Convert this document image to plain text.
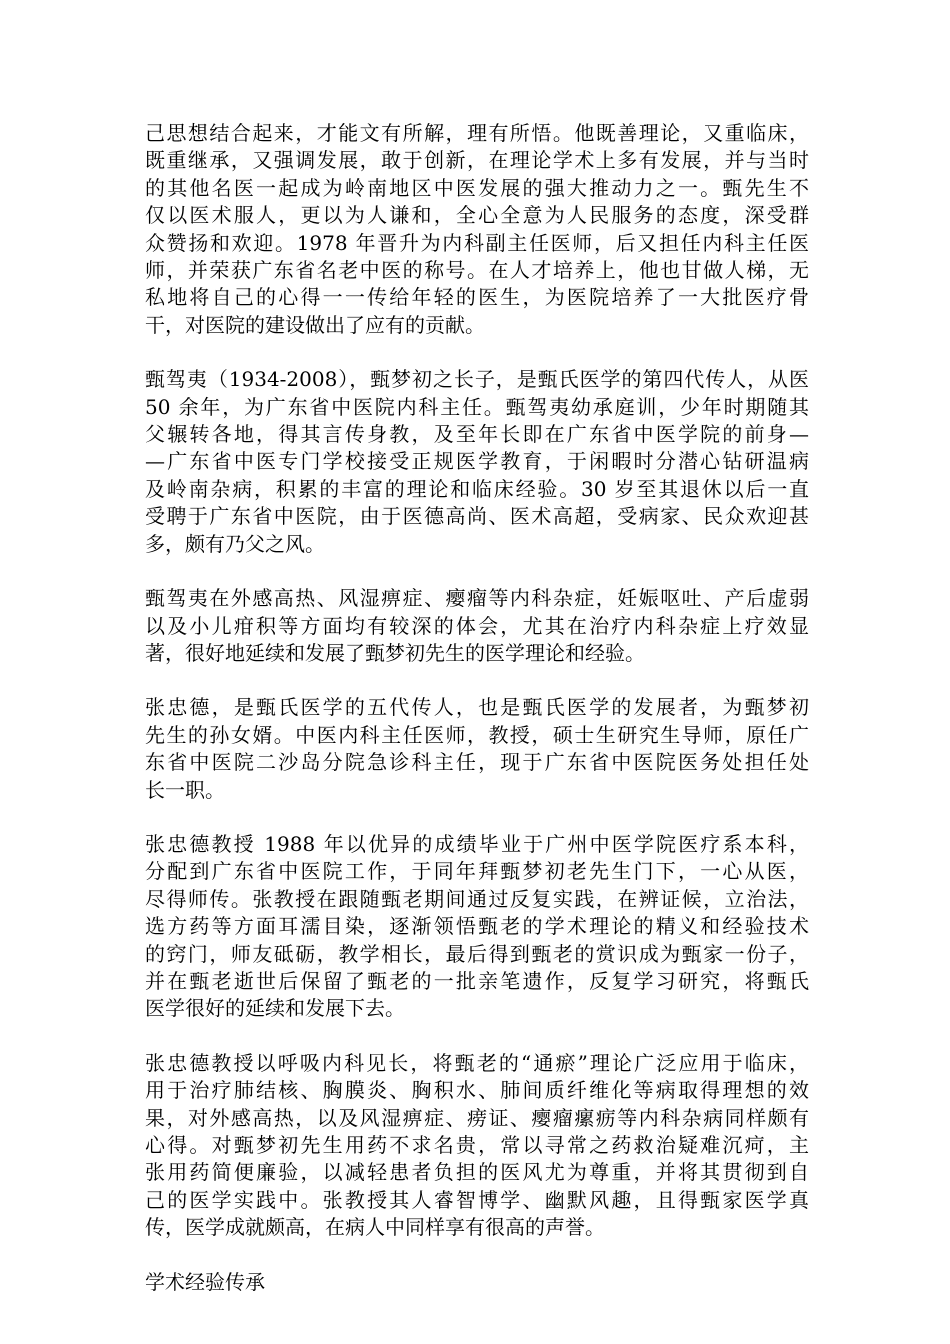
己思想结合起来，才能文有所解，理有所悟。他既善理论，又重临床，
既重继承，又强调发展，敢于创新，在理论学术上多有发展，并与当时
的其他名医一起成为岭南地区中医发展的强大推动力之一。甄先生不
仅以医术服人，更以为人谦和，全心全意为人民服务的态度，深受群
众赞扬和欢迎。1978 年晋升为内科副主任医师，后又担任内科主任医
师，并荣获广东省名老中医的称号。在人才培养上，他也甘做人梯，无
私地将自己的心得一一传给年轻的医生，为医院培养了一大批医疗骨
干，对医院的建设做出了应有的贡献。
甄驾夷（1934-2008），甄梦初之长子，是甄氏医学的第四代传人，从医
50 余年，为广东省中医院内科主任。甄驾夷幼承庭训，少年时期随其
父辗转各地，得其言传身教，及至年长即在广东省中医学院的前身—
—广东省中医专门学校接受正规医学教育，于闲暇时分潜心钻研温病
及岭南杂病，积累的丰富的理论和临床经验。30 岁至其退休以后一直
受聘于广东省中医院，由于医德高尚、医术高超，受病家、民众欢迎甚
多，颇有乃父之风。
甄驾夷在外感高热、风湿痹症、瘿瘤等内科杂症，妊娠呕吐、产后虚弱
以及小儿疳积等方面均有较深的体会，尤其在治疗内科杂症上疗效显
著，很好地延续和发展了甄梦初先生的医学理论和经验。
张忠德，是甄氏医学的五代传人，也是甄氏医学的发展者，为甄梦初
先生的孙女婿。中医内科主任医师，教授，硕士生研究生导师，原任广
东省中医院二沙岛分院急诊科主任，现于广东省中医院医务处担任处
长一职。
张忠德教授 1988 年以优异的成绩毕业于广州中医学院医疗系本科，
分配到广东省中医院工作，于同年拜甄梦初老先生门下，一心从医，
尽得师传。张教授在跟随甄老期间通过反复实践，在辨证候，立治法，
选方药等方面耳濡目染，逐渐领悟甄老的学术理论的精义和经验技术
的窍门，师友砥砺，教学相长，最后得到甄老的赏识成为甄家一份子，
并在甄老逝世后保留了甄老的一批亲笔遗作，反复学习研究，将甄氏
医学很好的延续和发展下去。
张忠德教授以呼吸内科见长，将甄老的“通瘀”理论广泛应用于临床，
用于治疗肺结核、胸膜炎、胸积水、肺间质纤维化等病取得理想的效
果，对外感高热，以及风湿痹症、痨证、瘿瘤瘰疬等内科杂病同样颇有
心得。对甄梦初先生用药不求名贵，常以寻常之药救治疑难沉疴，主
张用药简便廉验，以减轻患者负担的医风尤为尊重，并将其贯彻到自
己的医学实践中。张教授其人睿智博学、幽默风趣，且得甄家医学真
传，医学成就颇高，在病人中同样享有很高的声誉。
学术经验传承
